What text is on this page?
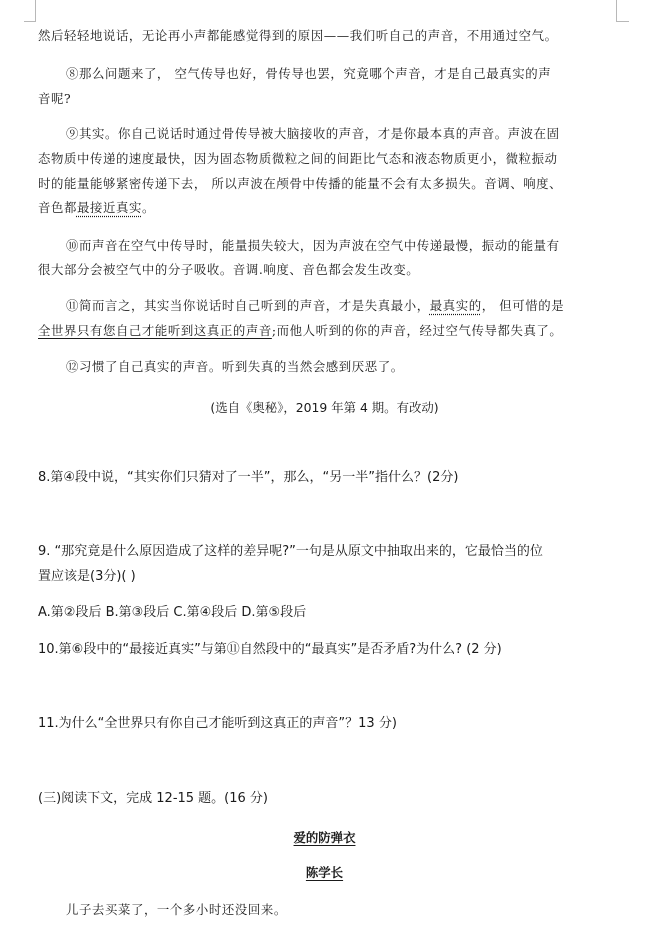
然后轻轻地说话，无论再小声都能感觉得到的原因——我们听自己的声音，不用通过空气。
⑧那么问题来了， 空气传导也好，骨传导也罢，究竟哪个声音，才是自己最真实的声
音呢?
⑨其实。你自己说话时通过骨传导被大脑接收的声音，才是你最本真的声音。声波在固
态物质中传递的速度最快，因为固态物质微粒之间的间距比气态和液态物质更小，微粒振动
时的能量能够紧密传递下去， 所以声波在颅骨中传播的能量不会有太多损失。音调、响度、
音色都最接近真实。
⑩而声音在空气中传导时，能量损失较大，因为声波在空气中传递最慢，振动的能量有
很大部分会被空气中的分子吸收。音调.响度、音色都会发生改变。
⑪简而言之，其实当你说话时自己听到的声音，才是失真最小，最真实的， 但可惜的是
全世界只有您自己才能听到这真正的声音;而他人听到的你的声音，经过空气传导都失真了。
⑫习惯了自己真实的声音。听到失真的当然会感到厌恶了。
(选自《奥秘》，2019 年第 4 期。有改动)
8.第④段中说，“其实你们只猜对了一半”，那么，“另一半”指什么？(2分)
9. “那究竟是什么原因造成了这样的差异呢?”一句是从原文中抽取出来的，它最恰当的位
置应该是(3分)( )
A.第②段后 B.第③段后 C.第④段后 D.第⑤段后
10.第⑥段中的“最接近真实”与第⑪自然段中的“最真实”是否矛盾?为什么? (2 分)
11.为什么“全世界只有你自己才能听到这真正的声音”？13 分)
(三)阅读下文，完成 12-15 题。(16 分)
爱的防弹衣
陈学长
儿子去买菜了，一个多小时还没回来。
